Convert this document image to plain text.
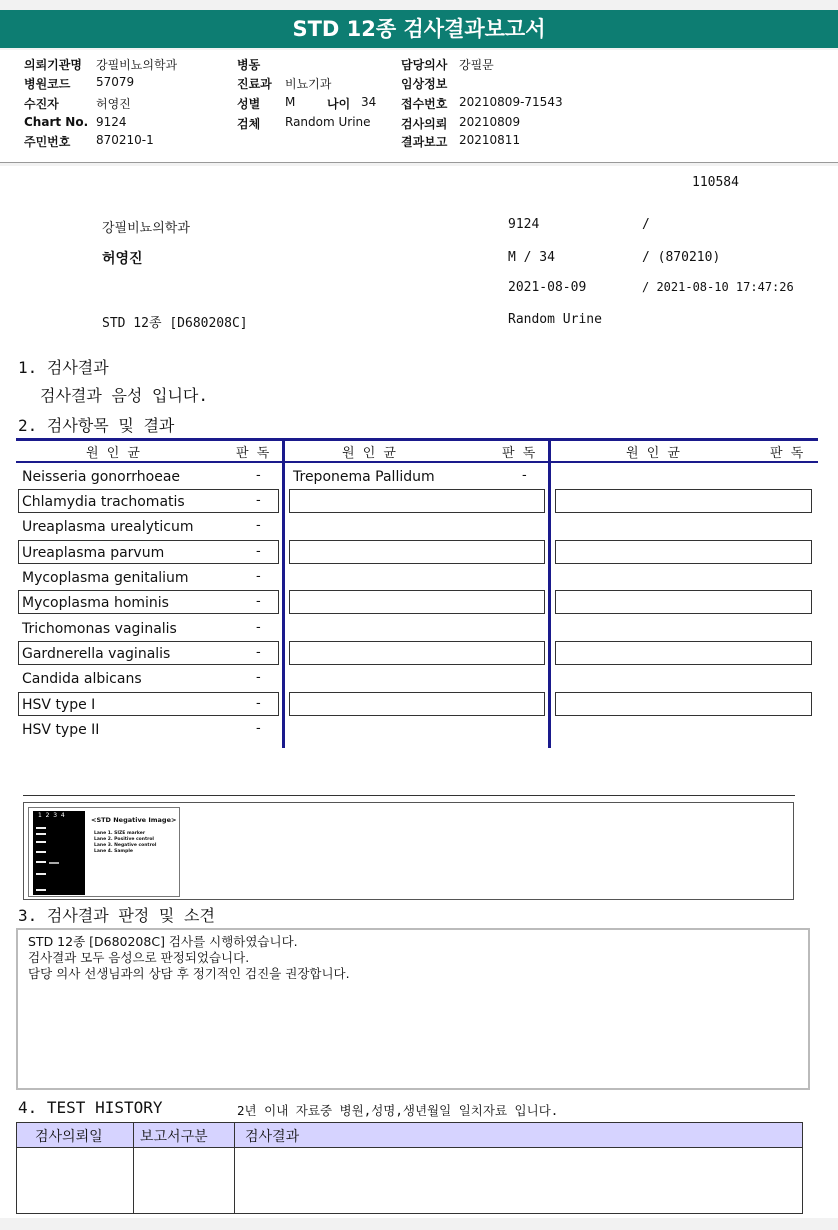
STD 12종 검사결과보고서
의뢰기관명 강필비뇨의학과
병원코드 57079
수진자	허영진
Chart No. 9124
주민번호 870210-1
병동
진료과 비뇨기과
성별 M	나이 34
검체 Random Urine
담당의사 강필문
임상정보
접수번호 20210809-71543
검사의뢰 20210809
결과보고 20210811
110584
강필비뇨의학과	9124	/
허영진	M / 34	/ (870210)
2021-08-09	/ 2021-08-10 17:47:26
STD 12종 [D680208C]	Random Urine
1. 검사결과
검사결과 음성 입니다.
2. 검사항목 및 결과
원 인 균	판 독	원 인 균	판 독	원 인 균	판 독
Neisseria gonorrhoeae	-
Chlamydia trachomatis	-
Ureaplasma urealyticum	-
Ureaplasma parvum	-
Mycoplasma genitalium	-
Mycoplasma hominis	-
Trichomonas vaginalis	-
Gardnerella vaginalis	-
Candida albicans	-
HSV type I	-
HSV type II	-
Treponema Pallidum	-
1  2  3  4
<STD Negative Image>
Lane 1. SIZE marker
Lane 2. Positive control
Lane 3. Negative control
Lane 4. Sample
3. 검사결과 판정 및 소견
STD 12종 [D680208C] 검사를 시행하였습니다.
검사결과 모두 음성으로 판정되었습니다.
담당 의사 선생님과의 상담 후 정기적인 검진을 권장합니다.
4. TEST HISTORY	2년 이내 자료중 병원,성명,생년월일 일치자료 입니다.
검사의뢰일	보고서구분	검사결과
